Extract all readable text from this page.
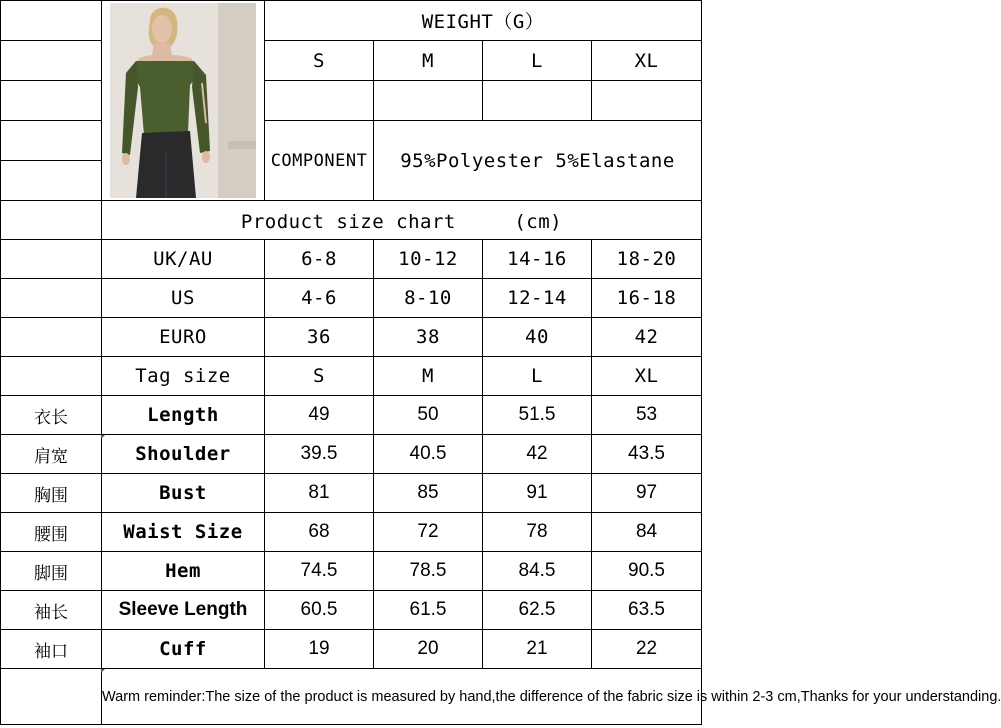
	WEIGHT（G）			
		S	M	L	XL

		COMPONENT	95%Polyester 5%Elastane		

	Product size chart　　　(cm)				
	UK/AU	6-8	10-12	14-16	18-20
	US	4-6	8-10	12-14	16-18
	EURO	36	38	40	42
	Tag size	S	M	L	XL
衣长	Length	49	50	51.5	53
肩宽	Shoulder	39.5	40.5	42	43.5
胸围	Bust	81	85	91	97
腰围	Waist Size	68	72	78	84
脚围	Hem	74.5	78.5	84.5	90.5
袖长	Sleeve Length	60.5	61.5	62.5	63.5
袖口	Cuff	19	20	21	22
	Warm reminder:The size of the product is measured by hand,the difference of the fabric size is within 2-3 cm,Thanks for your understanding.				
